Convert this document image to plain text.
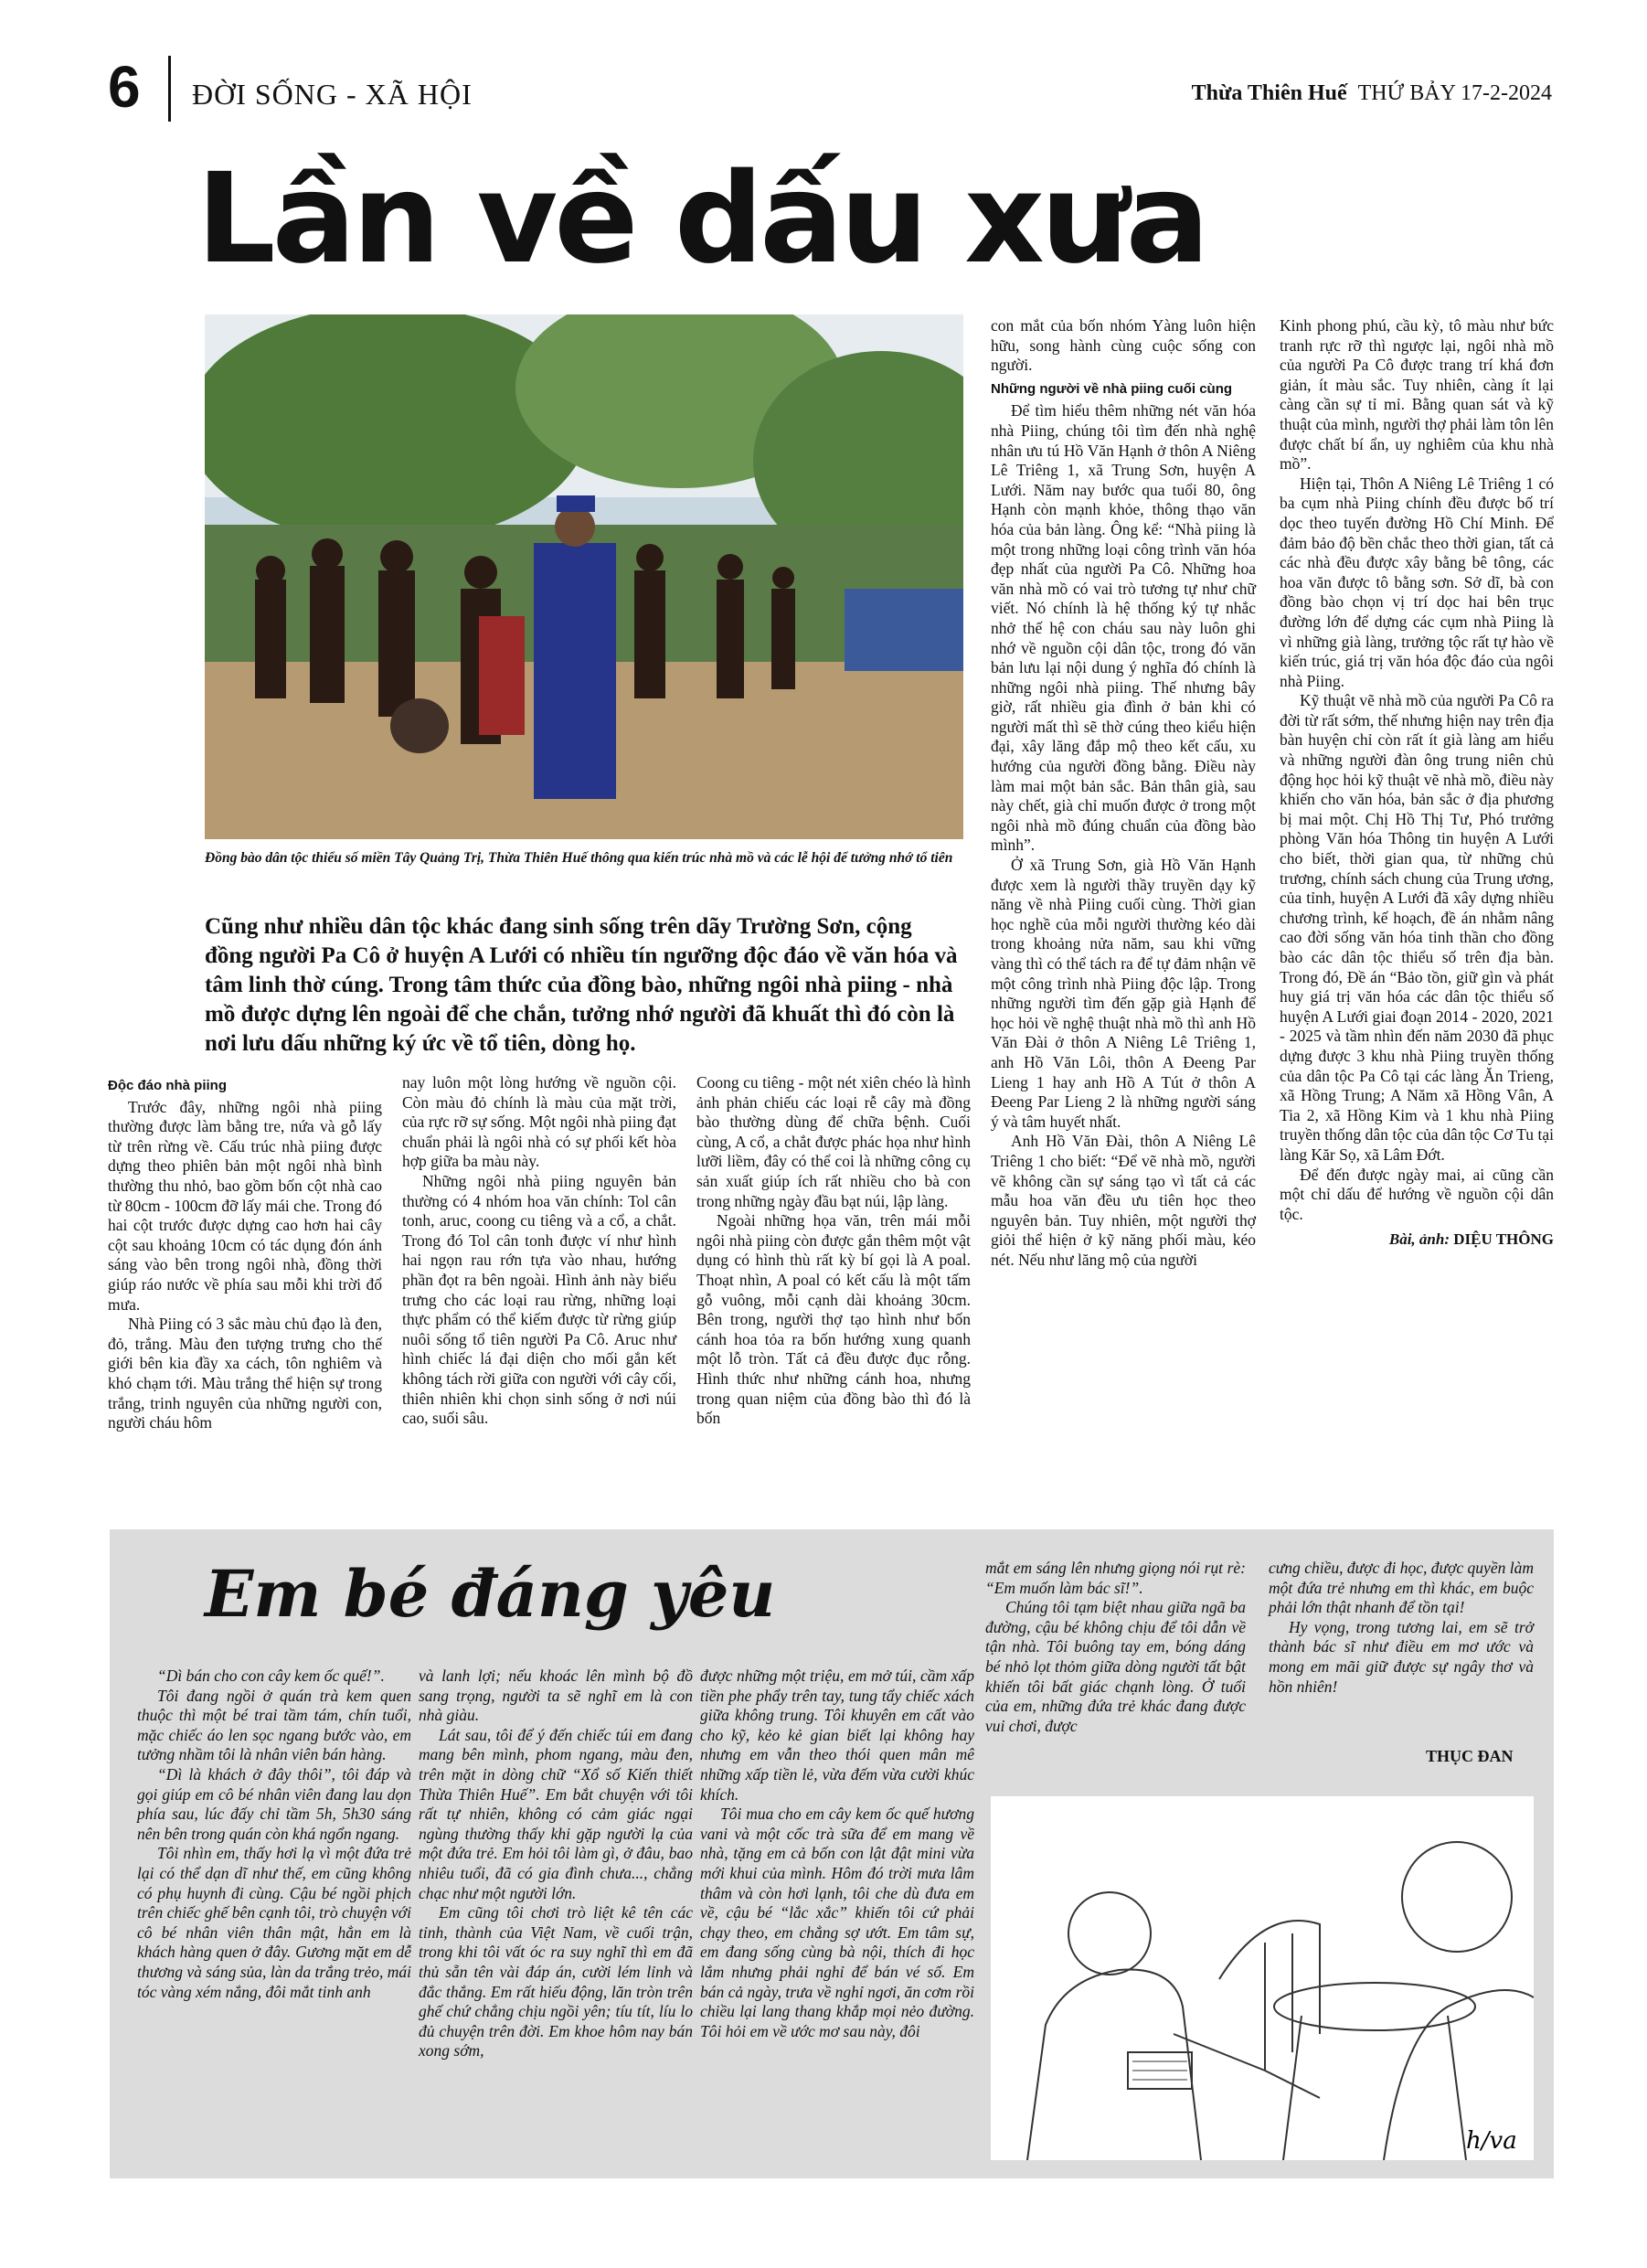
6 ĐỜI SỐNG - XÃ HỘI	Thừa Thiên Huế THỨ BẢY 17-2-2024
Lần về dấu xưa

Đồng bào dân tộc thiểu số miền Tây Quảng Trị, Thừa Thiên Huế thông qua kiến trúc nhà mồ và các lễ hội để tưởng nhớ tổ tiên

Cũng như nhiều dân tộc khác đang sinh sống trên dãy Trường Sơn, cộng đồng người Pa Cô ở huyện A Lưới có nhiều tín ngưỡng độc đáo về văn hóa và tâm linh thờ cúng. Trong tâm thức của đồng bào, những ngôi nhà piing - nhà mồ được dựng lên ngoài để che chắn, tưởng nhớ người đã khuất thì đó còn là nơi lưu dấu những ký ức về tổ tiên, dòng họ.

Độc đáo nhà piing

Trước đây, những ngôi nhà piing thường được làm bằng tre, nứa và gỗ lấy từ trên rừng về. Cấu trúc nhà piing được dựng theo phiên bản một ngôi nhà bình thường thu nhỏ, bao gồm bốn cột nhà cao từ 80cm - 100cm đỡ lấy mái che. Trong đó hai cột trước được dựng cao hơn hai cây cột sau khoảng 10cm có tác dụng đón ánh sáng vào bên trong ngôi nhà, đồng thời giúp ráo nước về phía sau mỗi khi trời đổ mưa.

Nhà Piing có 3 sắc màu chủ đạo là đen, đỏ, trắng. Màu đen tượng trưng cho thế giới bên kia đầy xa cách, tôn nghiêm và khó chạm tới. Màu trắng thể hiện sự trong trắng, trinh nguyên của những người con, người cháu hôm

nay luôn một lòng hướng về nguồn cội. Còn màu đỏ chính là màu của mặt trời, của rực rỡ sự sống. Một ngôi nhà piing đạt chuẩn phải là ngôi nhà có sự phối kết hòa hợp giữa ba màu này.

Những ngôi nhà piing nguyên bản thường có 4 nhóm hoa văn chính: Tol cân tonh, aruc, coong cu tiêng và a cổ, a chắt. Trong đó Tol cân tonh được ví như hình hai ngọn rau rớn tựa vào nhau, hướng phần đọt ra bên ngoài. Hình ảnh này biểu trưng cho các loại rau rừng, những loại thực phẩm có thể kiếm được từ rừng giúp nuôi sống tổ tiên người Pa Cô. Aruc như hình chiếc lá đại diện cho mối gắn kết không tách rời giữa con người với cây cối, thiên nhiên khi chọn sinh sống ở nơi núi cao, suối sâu.

Coong cu tiêng - một nét xiên chéo là hình ảnh phản chiếu các loại rễ cây mà đồng bào thường dùng để chữa bệnh. Cuối cùng, A cổ, a chắt được phác họa như hình lưỡi liềm, đây có thể coi là những công cụ sản xuất giúp ích rất nhiều cho bà con trong những ngày đầu bạt núi, lập làng.

Ngoài những họa văn, trên mái mỗi ngôi nhà piing còn được gắn thêm một vật dụng có hình thù rất kỳ bí gọi là A poal. Thoạt nhìn, A poal có kết cấu là một tấm gỗ vuông, mỗi cạnh dài khoảng 30cm. Bên trong, người thợ tạo hình như bốn cánh hoa tỏa ra bốn hướng xung quanh một lỗ tròn. Tất cả đều được đục rỗng. Hình thức như những cánh hoa, nhưng trong quan niệm của đồng bào thì đó là bốn

con mắt của bốn nhóm Yàng luôn hiện hữu, song hành cùng cuộc sống con người.

Những người về nhà piing cuối cùng

Để tìm hiểu thêm những nét văn hóa nhà Piing, chúng tôi tìm đến nhà nghệ nhân ưu tú Hồ Văn Hạnh ở thôn A Niêng Lê Triêng 1, xã Trung Sơn, huyện A Lưới. Năm nay bước qua tuổi 80, ông Hạnh còn mạnh khỏe, thông thạo văn hóa của bản làng. Ông kể: “Nhà piing là một trong những loại công trình văn hóa đẹp nhất của người Pa Cô. Những hoa văn nhà mồ có vai trò tương tự như chữ viết. Nó chính là hệ thống ký tự nhắc nhở thế hệ con cháu sau này luôn ghi nhớ về nguồn cội dân tộc, trong đó văn bản lưu lại nội dung ý nghĩa đó chính là những ngôi nhà piing. Thế nhưng bây giờ, rất nhiều gia đình ở bản khi có người mất thì sẽ thờ cúng theo kiểu hiện đại, xây lăng đắp mộ theo kết cấu, xu hướng của người đồng bằng. Điều này làm mai một bản sắc. Bản thân già, sau này chết, già chỉ muốn được ở trong một ngôi nhà mồ đúng chuẩn của đồng bào mình”.

Ở xã Trung Sơn, già Hồ Văn Hạnh được xem là người thầy truyền dạy kỹ năng về nhà Piing cuối cùng. Thời gian học nghề của mỗi người thường kéo dài trong khoảng nửa năm, sau khi vững vàng thì có thể tách ra để tự đảm nhận vẽ một công trình nhà Piing độc lập. Trong những người tìm đến gặp già Hạnh để học hỏi về nghệ thuật nhà mồ thì anh Hồ Văn Đài ở thôn A Niêng Lê Triêng 1, anh Hồ Văn Lôi, thôn A Đeeng Par Lieng 1 hay anh Hồ A Tút ở thôn A Đeeng Par Lieng 2 là những người sáng ý và tâm huyết nhất.

Anh Hồ Văn Đài, thôn A Niêng Lê Triêng 1 cho biết: “Để vẽ nhà mồ, người vẽ không cần sự sáng tạo vì tất cả các mẫu hoa văn đều ưu tiên học theo nguyên bản. Tuy nhiên, một người thợ giỏi thể hiện ở kỹ năng phối màu, kéo nét. Nếu như lăng mộ của người

Kinh phong phú, cầu kỳ, tô màu như bức tranh rực rỡ thì ngược lại, ngôi nhà mồ của người Pa Cô được trang trí khá đơn giản, ít màu sắc. Tuy nhiên, càng ít lại càng cần sự tỉ mỉ. Bằng quan sát và kỹ thuật của mình, người thợ phải làm tôn lên được chất bí ẩn, uy nghiêm của khu nhà mồ”.

Hiện tại, Thôn A Niêng Lê Triêng 1 có ba cụm nhà Piing chính đều được bố trí dọc theo tuyến đường Hồ Chí Minh. Để đảm bảo độ bền chắc theo thời gian, tất cả các nhà đều được xây bằng bê tông, các hoa văn được tô bằng sơn. Sở dĩ, bà con đồng bào chọn vị trí dọc hai bên trục đường lớn để dựng các cụm nhà Piing là vì những già làng, trưởng tộc rất tự hào về kiến trúc, giá trị văn hóa độc đáo của ngôi nhà Piing.

Kỹ thuật vẽ nhà mồ của người Pa Cô ra đời từ rất sớm, thế nhưng hiện nay trên địa bàn huyện chỉ còn rất ít già làng am hiểu và những người đàn ông trung niên chủ động học hỏi kỹ thuật vẽ nhà mồ, điều này khiến cho văn hóa, bản sắc ở địa phương bị mai một. Chị Hồ Thị Tư, Phó trưởng phòng Văn hóa Thông tin huyện A Lưới cho biết, thời gian qua, từ những chủ trương, chính sách chung của Trung ương, của tỉnh, huyện A Lưới đã xây dựng nhiều chương trình, kế hoạch, đề án nhằm nâng cao đời sống văn hóa tinh thần cho đồng bào các dân tộc thiểu số trên địa bàn. Trong đó, Đề án “Bảo tồn, giữ gìn và phát huy giá trị văn hóa các dân tộc thiểu số huyện A Lưới giai đoạn 2014 - 2020, 2021 - 2025 và tầm nhìn đến năm 2030 đã phục dựng được 3 khu nhà Piing truyền thống của dân tộc Pa Cô tại các làng Ăn Trieng, xã Hồng Trung; A Năm xã Hồng Vân, A Tia 2, xã Hồng Kim và 1 khu nhà Piing truyền thống dân tộc của dân tộc Cơ Tu tại làng Kăr Sọ, xã Lâm Đớt.

Để đến được ngày mai, ai cũng cần một chỉ dấu để hướng về nguồn cội dân tộc.

Bài, ảnh: DIỆU THÔNG

Em bé đáng yêu

“Dì bán cho con cây kem ốc quế!”.

Tôi đang ngồi ở quán trà kem quen thuộc thì một bé trai tầm tám, chín tuổi, mặc chiếc áo len sọc ngang bước vào, em tưởng nhầm tôi là nhân viên bán hàng.

“Dì là khách ở đây thôi”, tôi đáp và gọi giúp em cô bé nhân viên đang lau dọn phía sau, lúc đấy chỉ tầm 5h, 5h30 sáng nên bên trong quán còn khá ngổn ngang.

Tôi nhìn em, thấy hơi lạ vì một đứa trẻ lại có thể dạn dĩ như thế, em cũng không có phụ huynh đi cùng. Cậu bé ngồi phịch trên chiếc ghế bên cạnh tôi, trò chuyện với cô bé nhân viên thân mật, hẳn em là khách hàng quen ở đây. Gương mặt em dễ thương và sáng sủa, làn da trắng trẻo, mái tóc vàng xém nắng, đôi mắt tinh anh

và lanh lợi; nếu khoác lên mình bộ đồ sang trọng, người ta sẽ nghĩ em là con nhà giàu.

Lát sau, tôi để ý đến chiếc túi em đang mang bên mình, phom ngang, màu đen, trên mặt in dòng chữ “Xổ số Kiến thiết Thừa Thiên Huế”. Em bắt chuyện với tôi rất tự nhiên, không có cảm giác ngại ngùng thường thấy khi gặp người lạ của một đứa trẻ. Em hỏi tôi làm gì, ở đâu, bao nhiêu tuổi, đã có gia đình chưa..., chẳng chạc như một người lớn.

Em cũng tôi chơi trò liệt kê tên các tỉnh, thành của Việt Nam, về cuối trận, trong khi tôi vất óc ra suy nghĩ thì em đã thủ sẵn tên vài đáp án, cười lém lỉnh và đắc thắng. Em rất hiếu động, lăn tròn trên ghế chứ chẳng chịu ngồi yên; tíu tít, líu lo đủ chuyện trên đời. Em khoe hôm nay bán xong sớm,

được những một triệu, em mở túi, cầm xấp tiền phe phẩy trên tay, tung tẩy chiếc xách giữa không trung. Tôi khuyên em cất vào cho kỹ, kẻo kẻ gian biết lại không hay nhưng em vẫn theo thói quen mân mê những xấp tiền lẻ, vừa đếm vừa cười khúc khích.

Tôi mua cho em cây kem ốc quế hương vani và một cốc trà sữa để em mang về nhà, tặng em cả bốn con lật đật mini vừa mới khui của mình. Hôm đó trời mưa lâm thâm và còn hơi lạnh, tôi che dù đưa em về, cậu bé “lắc xắc” khiến tôi cứ phải chạy theo, em chẳng sợ ướt. Em tâm sự, em đang sống cùng bà nội, thích đi học lắm nhưng phải nghỉ để bán vé số. Em bán cả ngày, trưa về nghỉ ngơi, ăn cơm rồi chiều lại lang thang khắp mọi nẻo đường. Tôi hỏi em về ước mơ sau này, đôi

mắt em sáng lên nhưng giọng nói rụt rè: “Em muốn làm bác sĩ!”.

Chúng tôi tạm biệt nhau giữa ngã ba đường, cậu bé không chịu để tôi dẫn về tận nhà. Tôi buông tay em, bóng dáng bé nhỏ lọt thỏm giữa dòng người tất bật khiến tôi bất giác chạnh lòng. Ở tuổi của em, những đứa trẻ khác đang được vui chơi, được

cưng chiều, được đi học, được quyền làm một đứa trẻ nhưng em thì khác, em buộc phải lớn thật nhanh để tồn tại!

Hy vọng, trong tương lai, em sẽ trở thành bác sĩ như điều em mơ ước và mong em mãi giữ được sự ngây thơ và hồn nhiên!

THỤC ĐAN
h/va
